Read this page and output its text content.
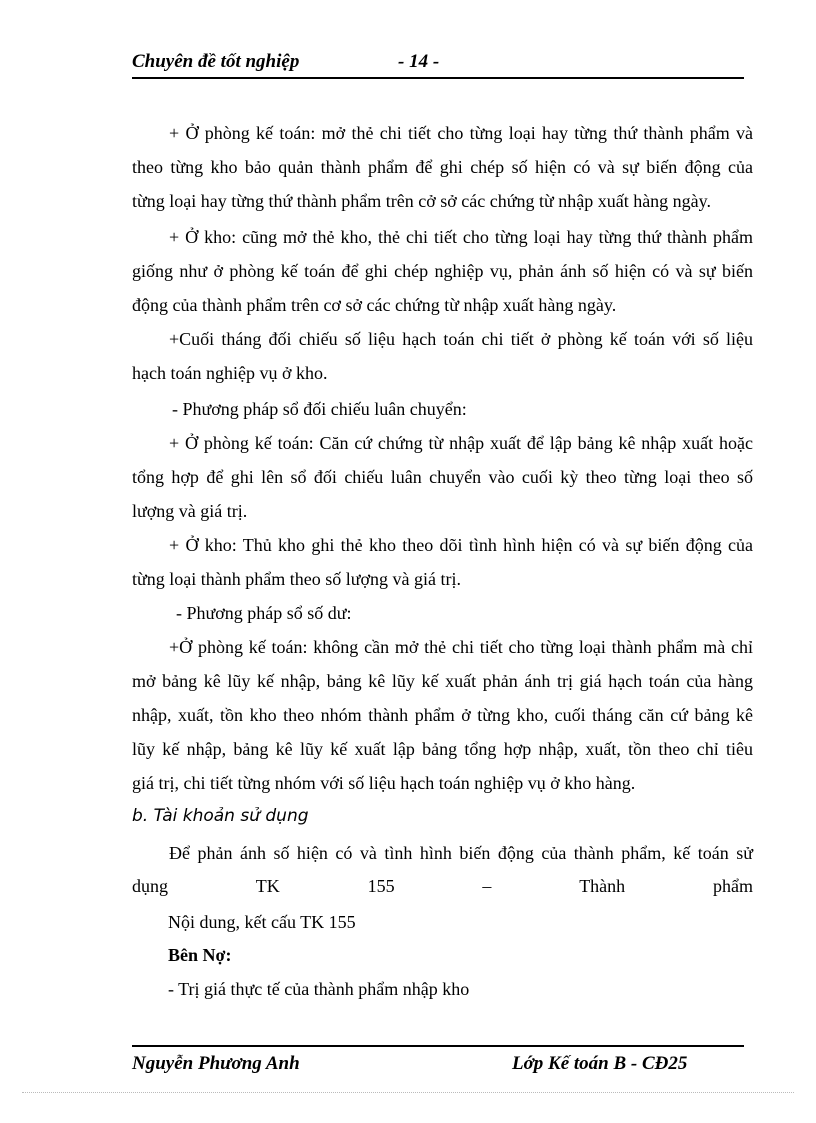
Chuyên đề tốt nghiệp	- 14 -

+ Ở phòng kế toán: mở thẻ chi tiết cho từng loại hay từng thứ thành phẩm và

theo từng kho bảo quản thành phẩm để ghi chép số hiện có và sự biến động của

từng loại hay từng thứ thành phẩm trên cở sở các chứng từ nhập xuất hàng ngày.

+ Ở kho: cũng mở thẻ kho, thẻ chi tiết cho từng loại hay từng thứ thành phẩm

giống như ở phòng kế toán để ghi chép nghiệp vụ, phản ánh số hiện có và sự biến

động của thành phẩm trên cơ sở các chứng từ nhập xuất hàng ngày.

+Cuối tháng đối chiếu số liệu hạch toán chi tiết ở phòng kế toán với số liệu

hạch toán nghiệp vụ ở kho.

- Phương pháp sổ đối chiếu luân chuyển:

+ Ở phòng kế toán: Căn cứ chứng từ nhập xuất để lập bảng kê nhập xuất hoặc

tổng hợp để ghi lên sổ đối chiếu luân chuyển vào cuối kỳ theo từng loại theo số

lượng và giá trị.

+ Ở kho: Thủ kho ghi thẻ kho theo dõi tình hình hiện có và sự biến động của

từng loại thành phẩm theo số lượng và giá trị.

- Phương pháp sổ số dư:

+Ở phòng kế toán: không cần mở thẻ chi tiết cho từng loại thành phẩm mà chỉ

mở bảng kê lũy kế nhập, bảng kê lũy kế xuất phản ánh trị giá hạch toán của hàng

nhập, xuất, tồn kho theo nhóm thành phẩm ở từng kho, cuối tháng căn cứ bảng kê

lũy kế nhập, bảng kê lũy kế xuất lập bảng tổng hợp nhập, xuất, tồn theo chỉ tiêu

giá trị, chi tiết từng nhóm với số liệu hạch toán nghiệp vụ ở kho hàng.

b. Tài khoản sử dụng

Để phản ánh số hiện có và tình hình biến động của thành phẩm, kế toán sử

dụng	TK	155	–	Thành	phẩm
Nội dung, kết cấu TK 155
Bên Nợ:
- Trị giá thực tế của thành phẩm nhập kho
Nguyễn Phương Anh	Lớp Kế toán B - CĐ25
